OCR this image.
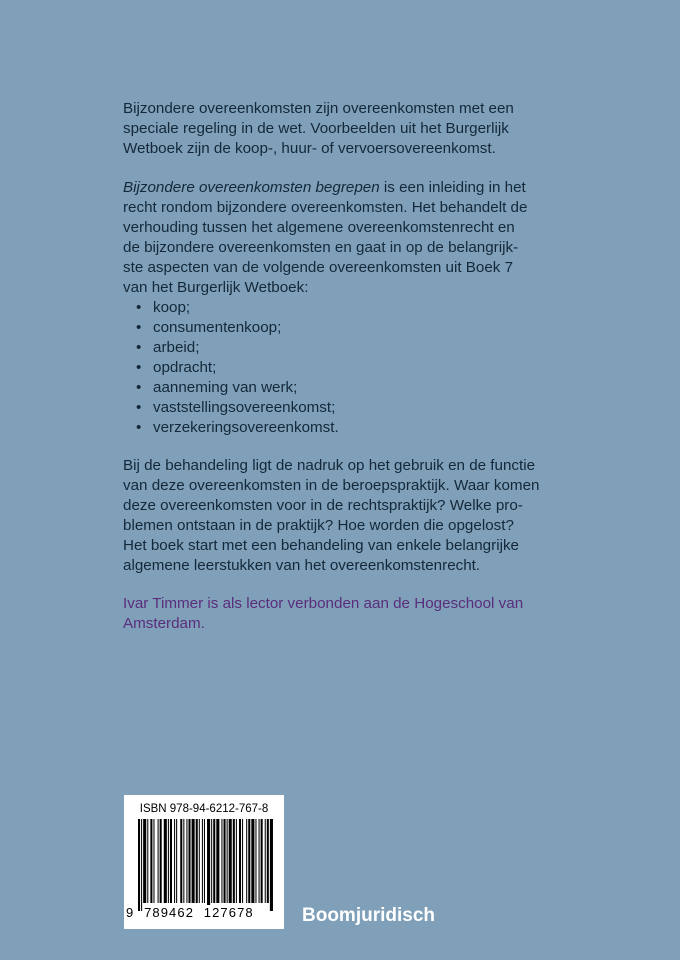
Bijzondere overeenkomsten zijn overeenkomsten met een
speciale regeling in de wet. Voorbeelden uit het Burgerlijk
Wetboek zijn de koop-, huur- of vervoersovereenkomst.
Bijzondere overeenkomsten begrepen is een inleiding in het
recht rondom bijzondere overeenkomsten. Het behandelt de
verhouding tussen het algemene overeenkomstenrecht en
de bijzondere overeenkomsten en gaat in op de belangrijk-
ste aspecten van de volgende overeenkomsten uit Boek 7
van het Burgerlijk Wetboek:
• koop;
• consumentenkoop;
• arbeid;
• opdracht;
• aanneming van werk;
• vaststellingsovereenkomst;
• verzekeringsovereenkomst.
Bij de behandeling ligt de nadruk op het gebruik en de functie
van deze overeenkomsten in de beroepspraktijk. Waar komen
deze overeenkomsten voor in de rechtspraktijk? Welke pro-
blemen ontstaan in de praktijk? Hoe worden die opgelost?
Het boek start met een behandeling van enkele belangrijke
algemene leerstukken van het overeenkomstenrecht.
Ivar Timmer is als lector verbonden aan de Hogeschool van
Amsterdam.
ISBN 978-94-6212-767-8
9 789462 127678	Boomjuridisch
